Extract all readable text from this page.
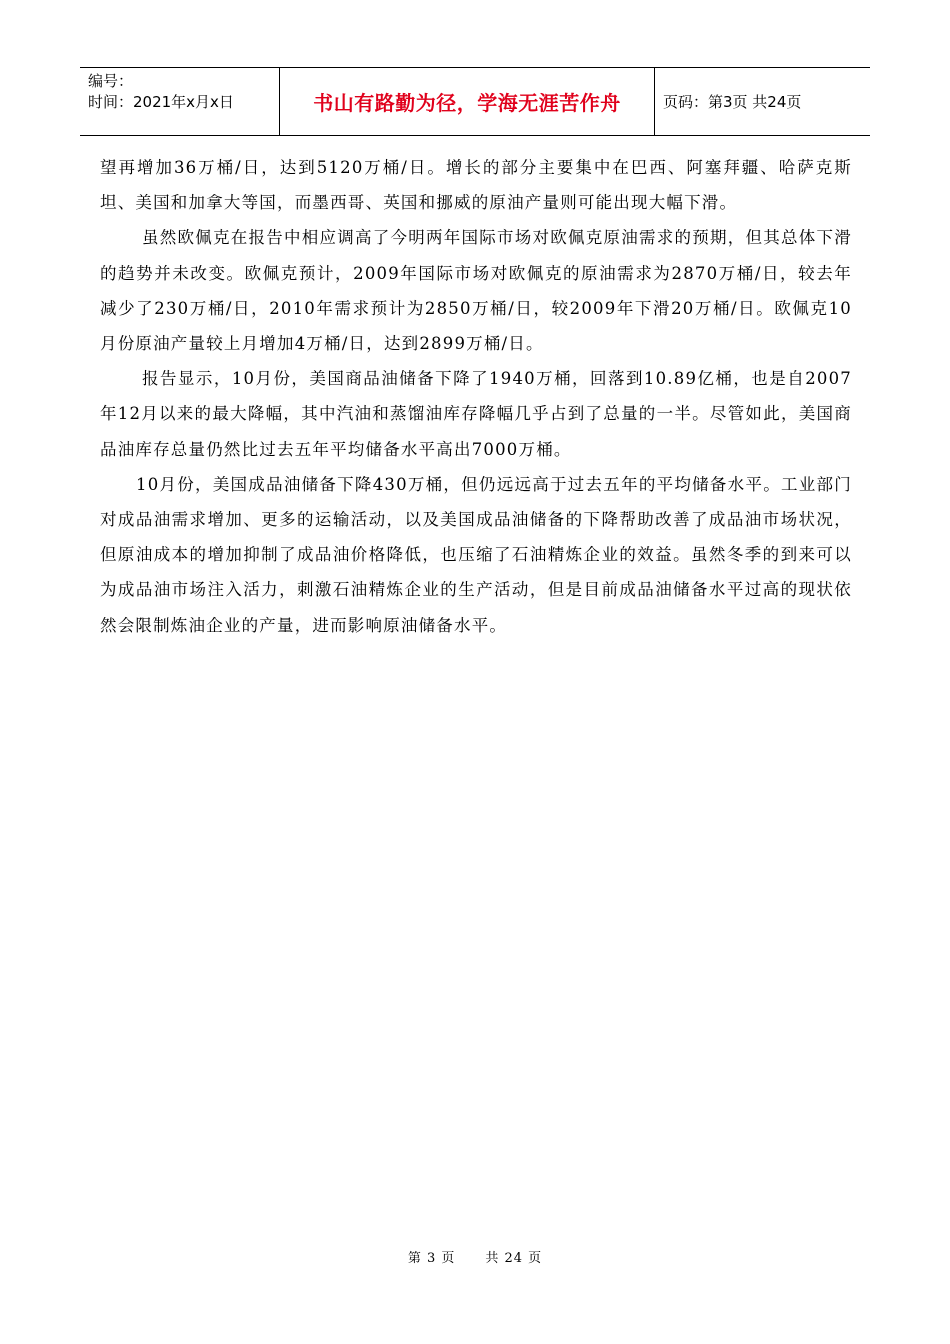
编号：
时间：2021年x月x日	书山有路勤为径，学海无涯苦作舟	页码：第3页 共24页

望再增加36万桶/日，达到5120万桶/日。增长的部分主要集中在巴西、阿塞拜疆、哈萨克斯坦、美国和加拿大等国，而墨西哥、英国和挪威的原油产量则可能出现大幅下滑。

虽然欧佩克在报告中相应调高了今明两年国际市场对欧佩克原油需求的预期，但其总体下滑的趋势并未改变。欧佩克预计，2009年国际市场对欧佩克的原油需求为2870万桶/日，较去年减少了230万桶/日，2010年需求预计为2850万桶/日，较2009年下滑20万桶/日。欧佩克10月份原油产量较上月增加4万桶/日，达到2899万桶/日。

报告显示，10月份，美国商品油储备下降了1940万桶，回落到10.89亿桶，也是自2007年12月以来的最大降幅，其中汽油和蒸馏油库存降幅几乎占到了总量的一半。尽管如此，美国商品油库存总量仍然比过去五年平均储备水平高出7000万桶。

10月份，美国成品油储备下降430万桶，但仍远远高于过去五年的平均储备水平。工业部门对成品油需求增加、更多的运输活动，以及美国成品油储备的下降帮助改善了成品油市场状况，但原油成本的增加抑制了成品油价格降低，也压缩了石油精炼企业的效益。虽然冬季的到来可以为成品油市场注入活力，刺激石油精炼企业的生产活动，但是目前成品油储备水平过高的现状依然会限制炼油企业的产量，进而影响原油储备水平。

第 3 页 共 24 页
